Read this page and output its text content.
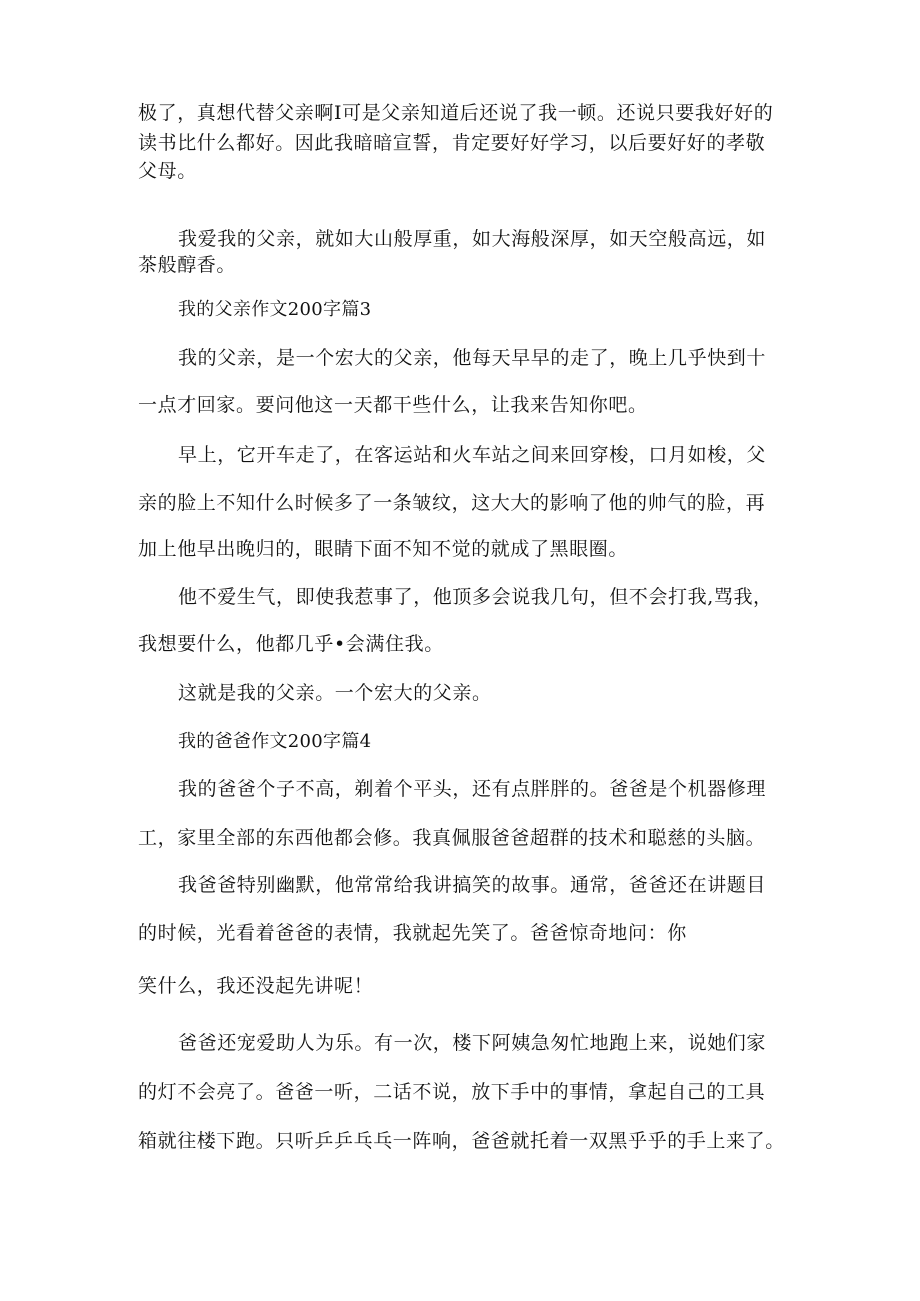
极了，真想代替父亲啊I可是父亲知道后还说了我一顿。还说只要我好好的
读书比什么都好。因此我暗暗宣誓，肯定要好好学习，以后要好好的孝敬
父母。
我爱我的父亲，就如大山般厚重，如大海般深厚，如天空般高远，如
茶般醇香。
我的父亲作文200字篇3
我的父亲，是一个宏大的父亲，他每天早早的走了，晚上几乎快到十
一点才回家。要问他这一天都干些什么，让我来告知你吧。
早上，它开车走了，在客运站和火车站之间来回穿梭，口月如梭，父
亲的脸上不知什么时候多了一条皱纹，这大大的影响了他的帅气的脸，再
加上他早出晚归的，眼睛下面不知不觉的就成了黑眼圈。
他不爱生气，即使我惹事了，他顶多会说我几句，但不会打我,骂我，
我想要什么，他都几乎•会满住我。
这就是我的父亲。一个宏大的父亲。
我的爸爸作文200字篇4
我的爸爸个子不高，剃着个平头，还有点胖胖的。爸爸是个机器修理
工，家里全部的东西他都会修。我真佩服爸爸超群的技术和聪慈的头脑。
我爸爸特别幽默，他常常给我讲搞笑的故事。通常，爸爸还在讲题目
的时候，光看着爸爸的表情，我就起先笑了。爸爸惊奇地问：你
笑什么，我还没起先讲呢！
爸爸还宠爱助人为乐。有一次，楼下阿姨急匆忙地跑上来，说她们家
的灯不会亮了。爸爸一听，二话不说，放下手中的事情，拿起自己的工具
箱就往楼下跑。只听乒乒乓乓一阵响，爸爸就托着一双黑乎乎的手上来了。
